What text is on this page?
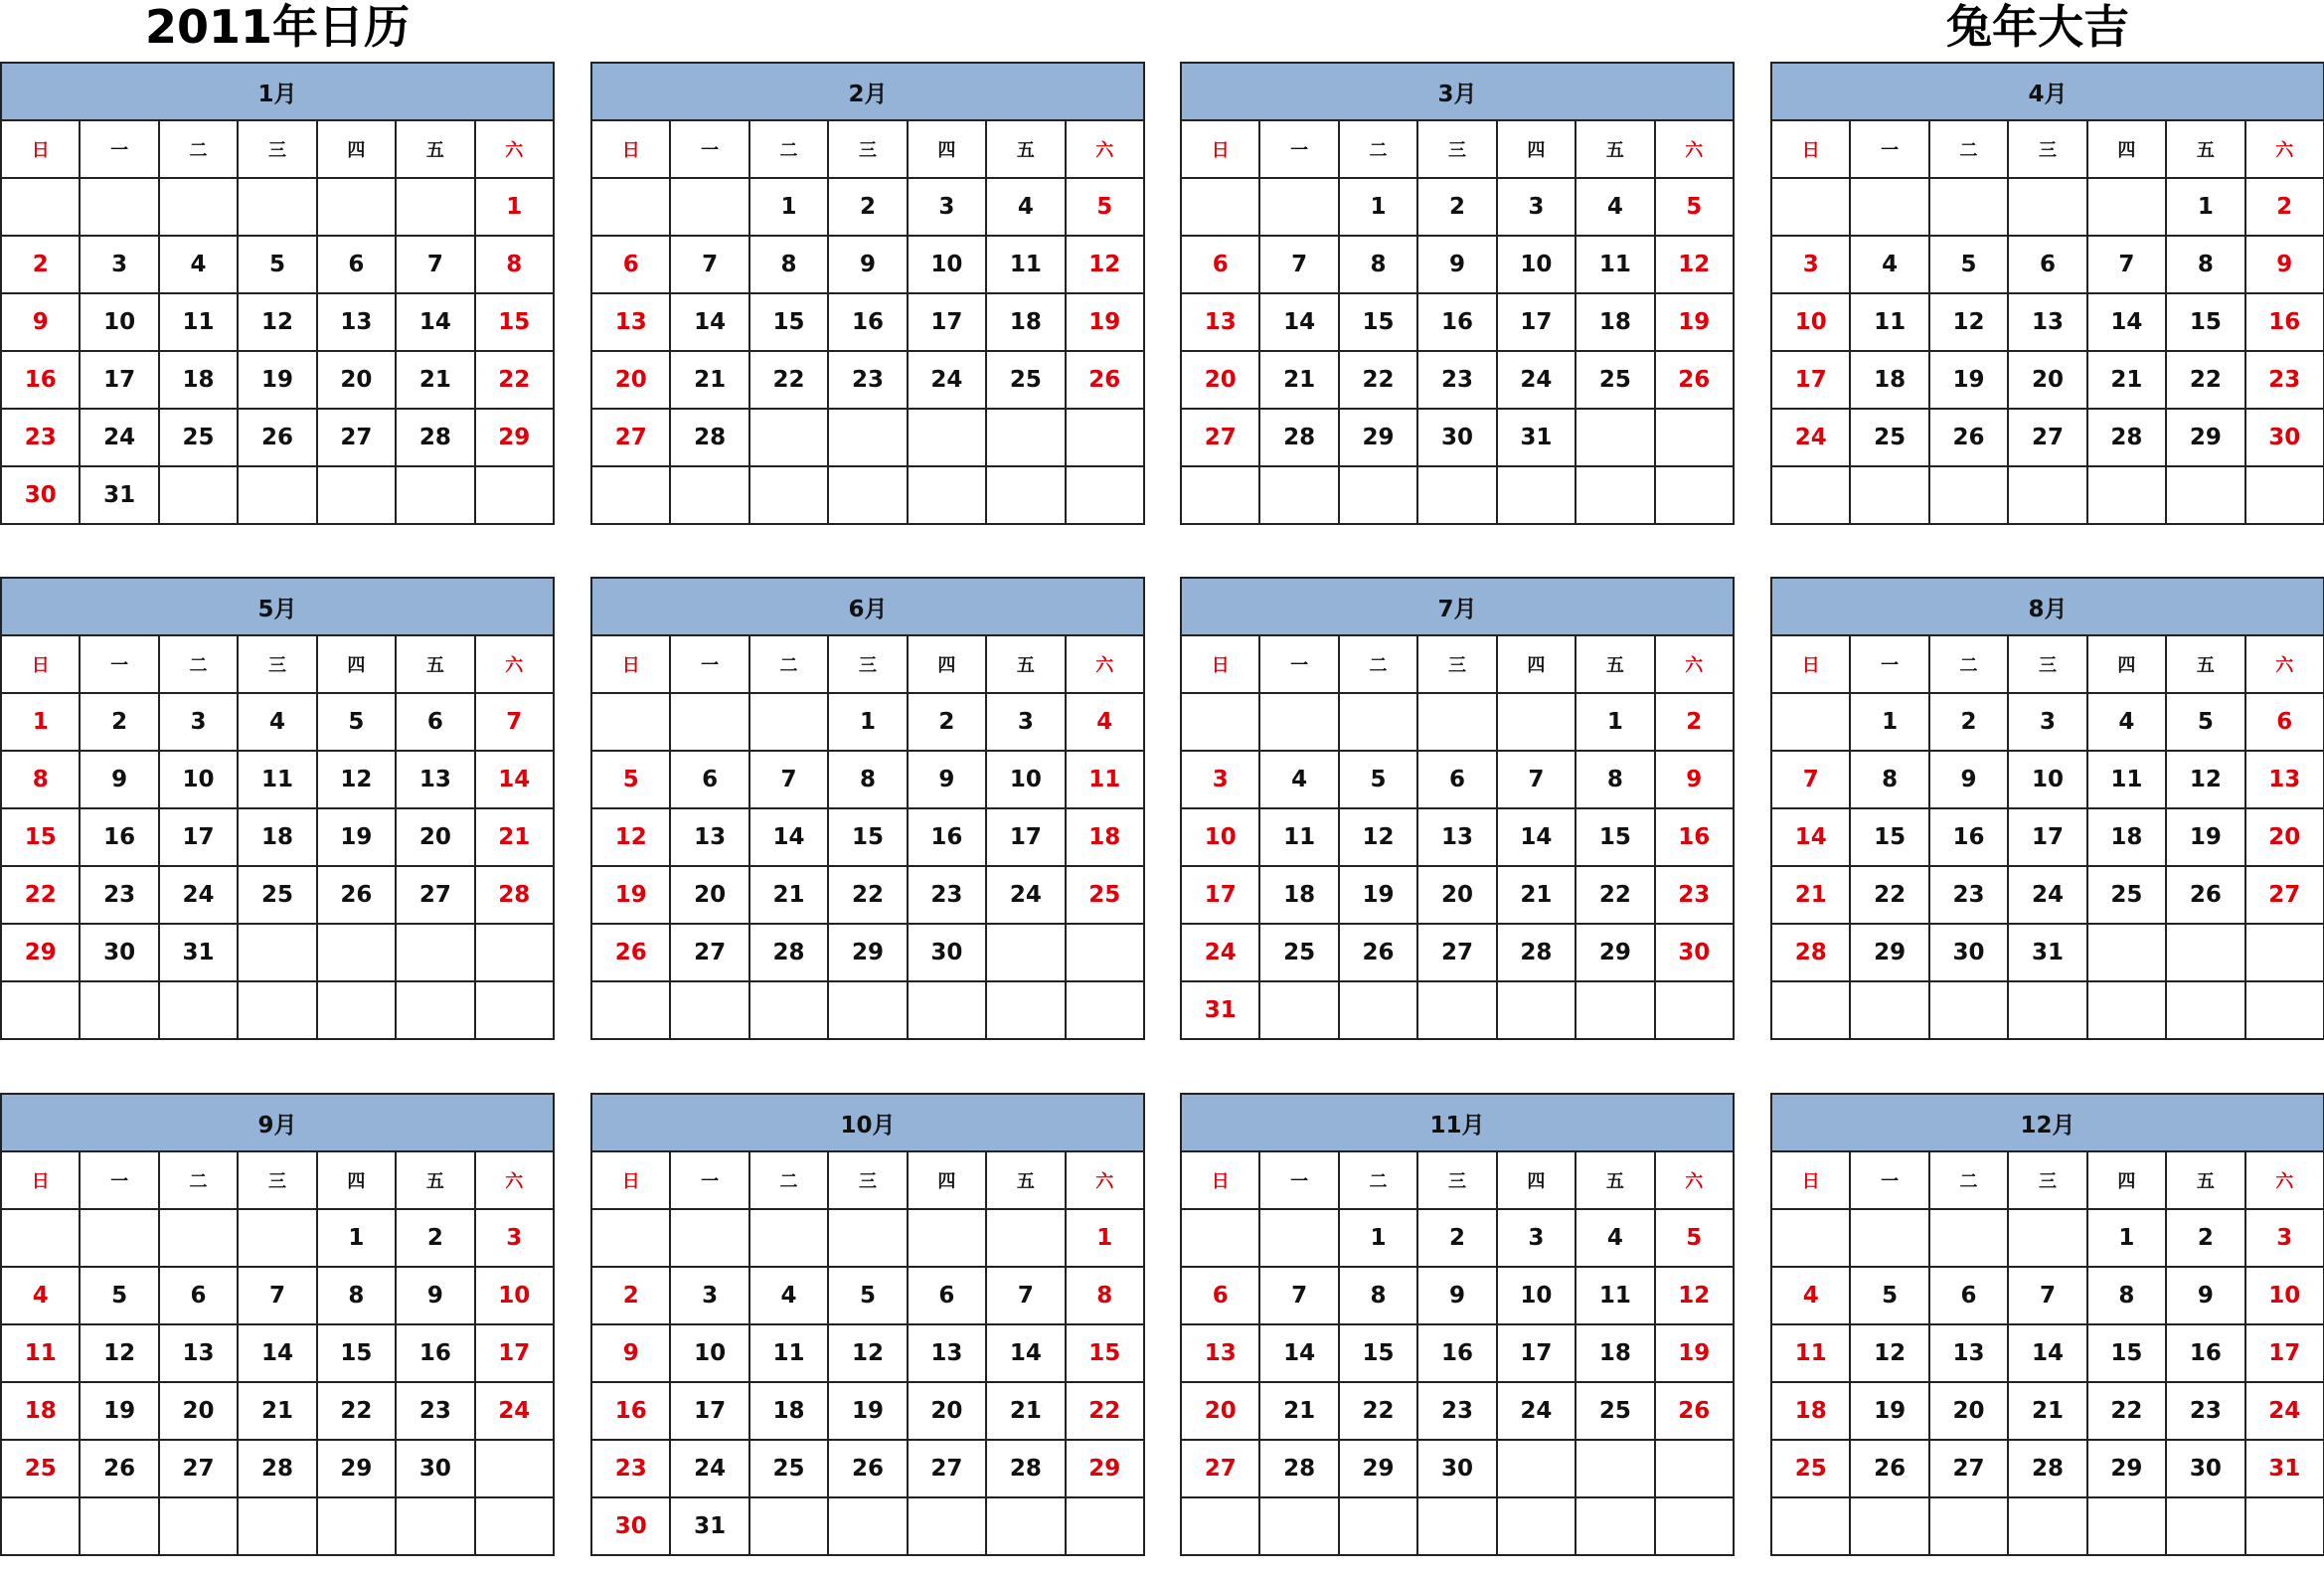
2011年日历	兔年大吉
1月						
日	一	二	三	四	五	六
						1
2	3	4	5	6	7	8
9	10	11	12	13	14	15
16	17	18	19	20	21	22
23	24	25	26	27	28	29
30	31					
2月						
日	一	二	三	四	五	六
		1	2	3	4	5
6	7	8	9	10	11	12
13	14	15	16	17	18	19
20	21	22	23	24	25	26
27	28					

3月						
日	一	二	三	四	五	六
		1	2	3	4	5
6	7	8	9	10	11	12
13	14	15	16	17	18	19
20	21	22	23	24	25	26
27	28	29	30	31		

4月						
日	一	二	三	四	五	六
					1	2
3	4	5	6	7	8	9
10	11	12	13	14	15	16
17	18	19	20	21	22	23
24	25	26	27	28	29	30

5月						
日	一	二	三	四	五	六
1	2	3	4	5	6	7
8	9	10	11	12	13	14
15	16	17	18	19	20	21
22	23	24	25	26	27	28
29	30	31				

6月						
日	一	二	三	四	五	六
			1	2	3	4
5	6	7	8	9	10	11
12	13	14	15	16	17	18
19	20	21	22	23	24	25
26	27	28	29	30		

7月						
日	一	二	三	四	五	六
					1	2
3	4	5	6	7	8	9
10	11	12	13	14	15	16
17	18	19	20	21	22	23
24	25	26	27	28	29	30
31						
8月						
日	一	二	三	四	五	六
	1	2	3	4	5	6
7	8	9	10	11	12	13
14	15	16	17	18	19	20
21	22	23	24	25	26	27
28	29	30	31			

9月						
日	一	二	三	四	五	六
				1	2	3
4	5	6	7	8	9	10
11	12	13	14	15	16	17
18	19	20	21	22	23	24
25	26	27	28	29	30	

10月						
日	一	二	三	四	五	六
						1
2	3	4	5	6	7	8
9	10	11	12	13	14	15
16	17	18	19	20	21	22
23	24	25	26	27	28	29
30	31					
11月						
日	一	二	三	四	五	六
		1	2	3	4	5
6	7	8	9	10	11	12
13	14	15	16	17	18	19
20	21	22	23	24	25	26
27	28	29	30			

12月						
日	一	二	三	四	五	六
				1	2	3
4	5	6	7	8	9	10
11	12	13	14	15	16	17
18	19	20	21	22	23	24
25	26	27	28	29	30	31
